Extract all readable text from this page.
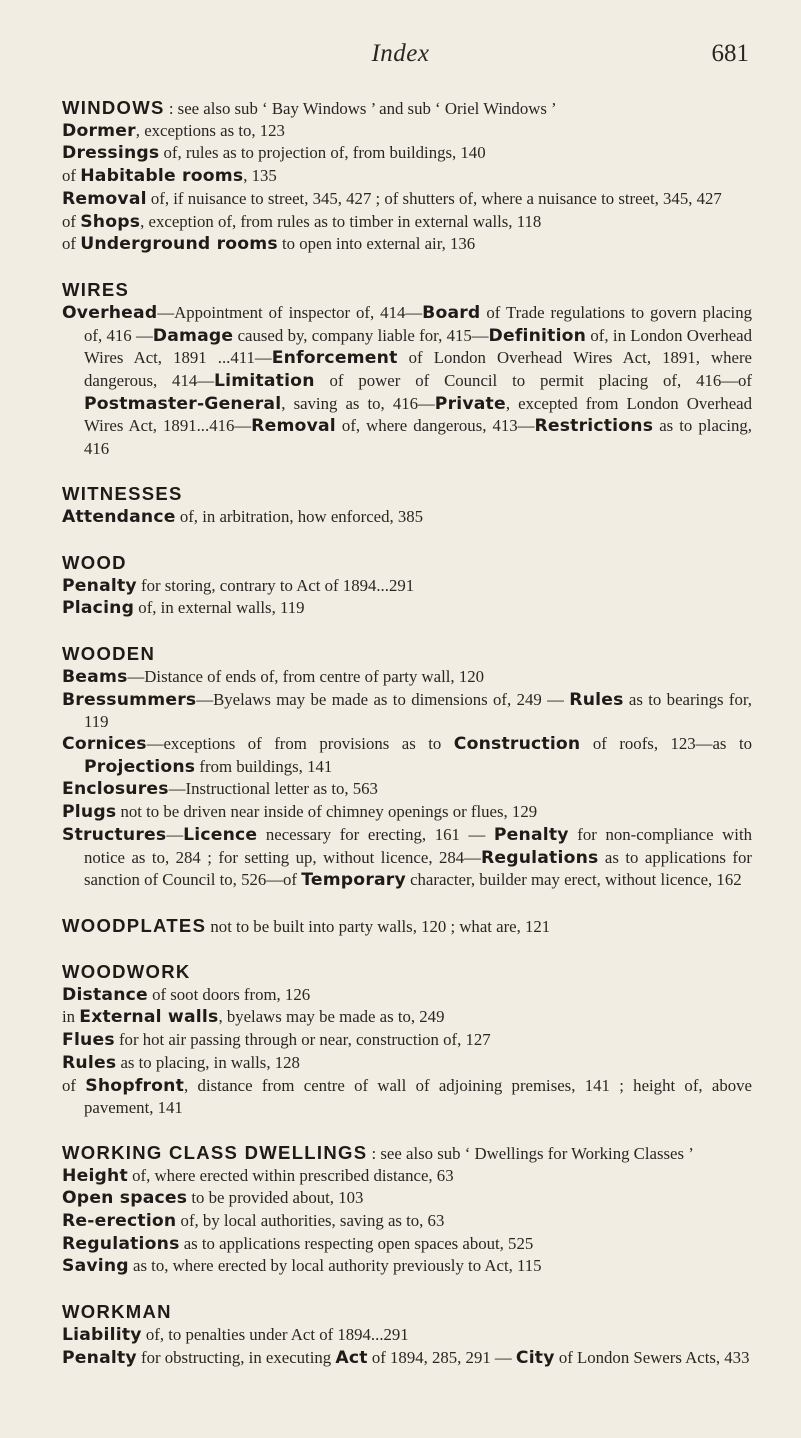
Index	681
WINDOWS : see also sub ‘ Bay Windows ’ and sub ‘ Oriel Windows ’
Dormer, exceptions as to, 123
Dressings of, rules as to projection of, from buildings, 140
of Habitable rooms, 135
Removal of, if nuisance to street, 345, 427 ; of shutters of, where a nuisance to street, 345, 427
of Shops, exception of, from rules as to timber in external walls, 118
of Underground rooms to open into external air, 136
WIRES
Overhead—Appointment of inspector of, 414—Board of Trade regulations to govern placing of, 416 —Damage caused by, company liable for, 415—Definition of, in London Overhead Wires Act, 1891 ...411—Enforcement of London Overhead Wires Act, 1891, where dangerous, 414—Limitation of power of Council to permit placing of, 416—of Postmaster-General, saving as to, 416—Private, excepted from London Overhead Wires Act, 1891...416—Removal of, where dangerous, 413—Restrictions as to placing, 416
WITNESSES
Attendance of, in arbitration, how enforced, 385
WOOD
Penalty for storing, contrary to Act of 1894...291
Placing of, in external walls, 119
WOODEN
Beams—Distance of ends of, from centre of party wall, 120
Bressummers—Byelaws may be made as to dimensions of, 249 — Rules as to bearings for, 119
Cornices—exceptions of from provisions as to Construction of roofs, 123—as to Projections from buildings, 141
Enclosures—Instructional letter as to, 563
Plugs not to be driven near inside of chimney openings or flues, 129
Structures—Licence necessary for erecting, 161 — Penalty for non-compliance with notice as to, 284 ; for setting up, without licence, 284—Regulations as to applications for sanction of Council to, 526—of Temporary character, builder may erect, without licence, 162
WOODPLATES not to be built into party walls, 120 ; what are, 121
WOODWORK
Distance of soot doors from, 126
in External walls, byelaws may be made as to, 249
Flues for hot air passing through or near, construction of, 127
Rules as to placing, in walls, 128
of Shopfront, distance from centre of wall of adjoining premises, 141 ; height of, above pavement, 141
WORKING CLASS DWELLINGS : see also sub ‘ Dwellings for Working Classes ’
Height of, where erected within prescribed distance, 63
Open spaces to be provided about, 103
Re-erection of, by local authorities, saving as to, 63
Regulations as to applications respecting open spaces about, 525
Saving as to, where erected by local authority previously to Act, 115
WORKMAN
Liability of, to penalties under Act of 1894...291
Penalty for obstructing, in executing Act of 1894, 285, 291 — City of London Sewers Acts, 433
